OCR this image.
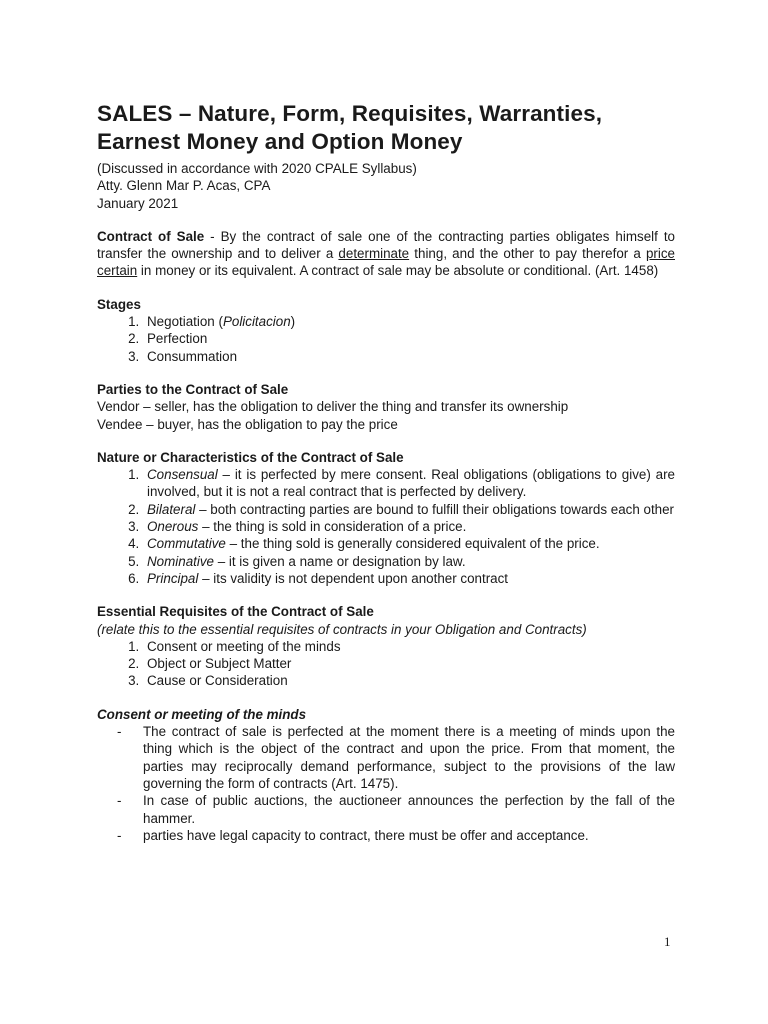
SALES – Nature, Form, Requisites, Warranties,
Earnest Money and Option Money
(Discussed in accordance with 2020 CPALE Syllabus)
Atty. Glenn Mar P. Acas, CPA
January 2021

Contract of Sale - By the contract of sale one of the contracting parties obligates himself to transfer the ownership and to deliver a determinate thing, and the other to pay therefor a price certain in money or its equivalent. A contract of sale may be absolute or conditional. (Art. 1458)

Stages
1. Negotiation (Policitacion)
2. Perfection
3. Consummation
Parties to the Contract of Sale
Vendor – seller, has the obligation to deliver the thing and transfer its ownership
Vendee – buyer, has the obligation to pay the price
Nature or Characteristics of the Contract of Sale
1. Consensual – it is perfected by mere consent. Real obligations (obligations to give) are involved, but it is not a real contract that is perfected by delivery.
2. Bilateral – both contracting parties are bound to fulfill their obligations towards each other
3. Onerous – the thing is sold in consideration of a price.
4. Commutative – the thing sold is generally considered equivalent of the price.
5. Nominative – it is given a name or designation by law.
6. Principal – its validity is not dependent upon another contract
Essential Requisites of the Contract of Sale
(relate this to the essential requisites of contracts in your Obligation and Contracts)
1. Consent or meeting of the minds
2. Object or Subject Matter
3. Cause or Consideration
Consent or meeting of the minds
- The contract of sale is perfected at the moment there is a meeting of minds upon the thing which is the object of the contract and upon the price. From that moment, the parties may reciprocally demand performance, subject to the provisions of the law governing the form of contracts (Art. 1475).
- In case of public auctions, the auctioneer announces the perfection by the fall of the hammer.
- parties have legal capacity to contract, there must be offer and acceptance.
1
